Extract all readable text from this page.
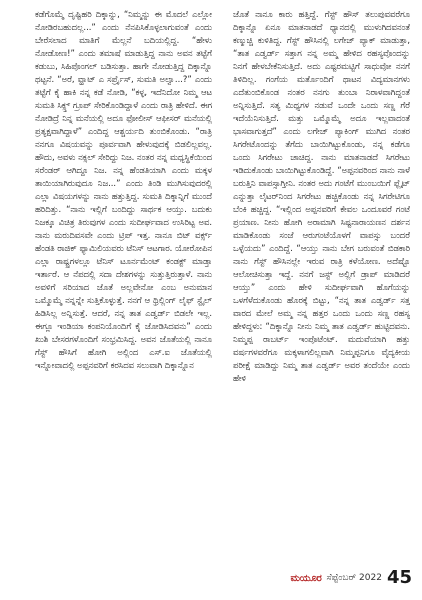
ಕಡೆಗೊಮ್ಮೆ ದೃಷ್ಟಿಹರಿ ದಿಕ್ಕಾನ್ನು, “ನಿಮ್ಮನ್ನು ಈ ಮೊದಲೆ ಎಲ್ಲೋ ನೋಡಿರಬಹುದಲ್ಲ...” ಎಂದು ನೆನಪಿಸಿಕೊಳ್ಳಲಾಗುವಂತೆ ಎಂದು ಬೇರೆಸಲಾದ ಮಾತಿಗೆ ಮೆಲ್ಲನೆ ಬದಿಯಲ್ಲಿದ್ದ. “ಹೇಳು ನೋಡೋಣ!” ಎಂದು ತಮಾಷೆ ಮಾಡುತ್ತಿದ್ದ ನಾನು ಅವನ ತಟ್ಟೆಗೆ ಕಡುಬು, ಸಿಹಿಪೊಂಗಲ್ ಬಡಿಸುತ್ತಾ. ಹಾಗೇ ನೋಡುತ್ತಿದ್ದ ದಿಕ್ಕಾನ್ನೊ ಥಟ್ಟನೆ. “ಅರೆ, ವ್ಹಾಟ್ ಎ ಸರ್ಪ್ರೈಸ್, ಸುಮತಿ ಅಲ್ವಾ...?” ಎಂದು ತಟ್ಟೆಗೆ ಕೈ ಹಾಕಿ ನನ್ನ ಕಡೆ ನೋಡಿ, “ಕಳ್ಳ, ಇದೆನಿದೋ ನಿಮ್ಮ ಆಟ ಸುಮತಿ ಸಿಕ್ಸ್ತ್ ಗ್ರೂಪ್ ಸೇರಿಕೊಂಡಿದ್ದಾಳೆ ಎಂದು ರಾತ್ರಿ ಹೇಳಿದೆ. ಈಗ ನೋಡಿದ್ರೆ ನಿನ್ನ ಮನೆಯಲ್ಲಿ ಅದೂ ಫೋಲೀಸ್ ಆಫೀಸರ್ ಮನೆಯಲ್ಲಿ ಪ್ರತ್ಯಕ್ಷವಾಗಿದ್ದಾಳೆ” ಎಂದಿದ್ದ ಆಶ್ಚರ್ಯದಿ ತುಂಬಿಕೊಂಡು. “ರಾತ್ರಿ ನನಗೂ ವಿಷಯವನ್ನು ಪೂರ್ವವಾಗಿ ಹೇಳುವುದಕ್ಕೆ ಬಿಡಲಿಲ್ಲವಲ್ಲ. ಹೌದು, ಅವಳು ನಕ್ಸಲ್ ಸೇರಿದ್ದು ನಿಜ. ನಂತರ ನನ್ನ ಮಧ್ಯಸ್ಥಿಕೆಯಿಂದ ಸರೆಂಡರ್ ಆಗಿದ್ದೂ ನಿಜ. ನನ್ನ ಹೆಂಡತಿಯಾಗಿ ಎಂದು ಮಕ್ಕಳ ತಾಯಿಯಾಗಿರುವುದೂ ನಿಜ...” ಎಂದು ತಿಂಡಿ ಮುಗಿಸುವುದರಲ್ಲಿ ಎಲ್ಲಾ ವಿಷಯಗಳನ್ನು ನಾನು ಹತ್ತುತ್ತಿದ್ದ. ಸುಮತಿ ದಿಕ್ಕಾನ್ನಿಗೆ ಮುಂದೆ ಹರಿದಿತ್ತು. “ನಾನು ಇಲ್ಲಿಗೆ ಬಂದಿದ್ದು ಸಾರ್ಥಕ ಆಯ್ತು. ಬದುಕು ನಿಜಕ್ಕೂ ವಿಚಿತ್ರ ತಿರುವುಗಳ ಎಂದು ಸುದೀರ್ಘವಾದ ಉಸಿರಿಟ್ಟ ಅವ. ನಾನು ಮರುದಿವಸವೇ ಎಂದು ಟ್ರಿಪ್ ಇತ್ತ. ನಾನೂ ಬಿಟ್ ವರ್ಕ್ಸ್ ಹೆಂಡತಿ ರಾಜಿಕ್ ಫ್ಯಾಮಿಲಿಯವರು ಟೆನಿಸ್ ಆಟಗಾರ. ಯೋರೋಪಿನ ಎಲ್ಲಾ ರಾಷ್ಟ್ರಗಳಲ್ಲೂ ಟೆನಿಸ್ ಟೂರ್ನಮೆಂಟ್ ಕಂಡಕ್ಟ್ ಮಾಡ್ತಾ ಇರ್ತಾರೆ. ಆ ನೆಪದಲ್ಲಿ ಸದಾ ದೇಶಗಳನ್ನು ಸುತ್ತುತ್ತಿರುತ್ತಾಳೆ. ನಾನು ಅವಳಿಗೆ ಸರಿಯಾದ ಜೊತೆ ಅಲ್ಲವೇನೋ ಎಂಬ ಅನುಮಾನ ಒಮ್ಮೊಮ್ಮೆ ನನ್ನನ್ನೇ ಸುತ್ತಿಕೊಳ್ಳುತ್ತೆ. ನನಗೆ ಆ ಥ್ರಿಲ್ಲಿಂಗ್ ಲೈಫ್ ಸ್ಟೈಲ್ ಹಿಡಿಸಿಲ್ಲ ಅನ್ನಿಸುತ್ತೆ. ಆದರೆ, ನನ್ನ ತಾತ ಎಡ್ವರ್ಡ್ ಬಿಡಲೇ ಇಲ್ಲ. ಈಗ್ಲೂ ಇಂಡಿಯಾ ಕಂಪನಿಯೊಂದಿಗೆ ಕೈ ಜೋಡಿಸಿದವನು” ಎಂದು ಖುಶಿ ಬೇಸರಗಳೊಂದಿಗೆ ಸಂಭ್ರಮಿಸಿದ್ದ. ಅವನ ಜೊತೆಯಲ್ಲಿ ನಾನೂ ಗೆಸ್ಟ್ ಹೌಸಿಗೆ ಹೋಗಿ ಅಲ್ಲಿಂದ ಎಸ್.ಐ ಜೊತೆಯಲ್ಲಿ ಇನ್ನೋವಾದಲ್ಲಿ ಅಪ್ಪನವರಿಗೆ ಕರಸಿದವ ಸಲುವಾಗಿ ದಿಕ್ಕಾನ್ನೊನ

ಜೊತೆ ನಾನೂ ಕಾರು ಹತ್ತಿದ್ದೆ. ಗೆಸ್ಟ್ ಹೌಸ್ ತಲುಪುವವರೆಗೂ ದಿಕ್ಕಾನ್ನೊ ಏನೂ ಮಾತನಾಡದೆ ಧ್ಯಾನದಲ್ಲಿ ಮುಳುಗಿದವನಂತೆ ಕಣ್ಮುಚ್ಚಿ ಕುಳಿತಿದ್ದ. ಗೆಸ್ಟ್ ಹೌಸಿನಲ್ಲಿ ಲಗೇಜ್ ಪ್ಯಾಕ್ ಮಾಡುತ್ತಾ, “ತಾತ ಎಡ್ವರ್ಡ್ ಸತ್ತಾಗ ನನ್ನ ಅಮ್ಮ ಹೇಳಿದ ರಹಸ್ಯವೊಂದನ್ನು ನಿನಗೆ ಹೇಳಬೇಕೆನಿಸುತ್ತಿದೆ. ಅದು ಎಷ್ಟರಮಟ್ಟಿಗೆ ಸಾಧುವೋ ನನಗೆ ತಿಳಿದಿಲ್ಲ. ಗಂಗೆಯ ಮರ್ತೊಂದಿಗೆ ಥಾಟನ ವಿದ್ಯಮಾನಗಳು ಎದೆತುಂಬಿಕೊಂಡ ನಂತರ ನನಗು ತುಂಬಾ ನಿರಾಳವಾಗಿದ್ದಂತೆ ಅನ್ನಿಸುತ್ತಿದೆ. ಸತ್ಯ ಮಿಥ್ಯಗಳ ನಡುವೆ ಒಂದೇ ಒಂದು ಸಣ್ಣ ಗೆರೆ ಇದೆಯೆನಿಸುತ್ತಿದೆ. ಮತ್ತು ಒಮ್ಮೊಮ್ಮೆ ಅದೂ ಇಲ್ಲವಾದಂತೆ ಭಾಸವಾಗುತ್ತದೆ” ಎಂದು ಲಗೇಜ್ ಪ್ಯಾಕಿಂಗ್ ಮುಗಿದ ನಂತರ ಸಿಗರೇಟೊಂದನ್ನು ತೆಗೆದು ಬಾಯಿಗಿಟ್ಟುಕೊಂಡು, ನನ್ನ ಕಡೆಗೂ ಒಂದು ಸಿಗರೇಟು ಚಾಚಿದ್ದ. ನಾನು ಮಾತನಾಡದೆ ಸಿಗರೇಟು ಇಡಿದುಕೊಂಡು ಬಾಯಿಗಿಟ್ಟುಕೊಂಡಿದ್ದೆ. “ಅಪ್ಪನವರಿಂದ ನಾನು ನಾಳೆ ಬರುತ್ತಿನಿ ವಾಪಸ್ಸಾಗ್ತೀನಿ. ನಂತರ ಅದು ಗಂಟೆಗೆ ಮುಂಬಯಿಗೆ ಫ್ಲೈಟ್ ಎನ್ನುತ್ತಾ ಲೈಟರ್‌ನಿಂದ ಸಿಗರೇಟು ಹಚ್ಚಿಕೊಂಡು ನನ್ನ ಸಿಗರೇಟಿಗೂ ಬೆಂಕಿ ಹಚ್ಚಿದ್ದ. “ಇಲ್ಲಿಂದ ಅಪ್ಪನವರಿಗೆ ಕೇವಲ ಒಂದೂವರೆ ಗಂಟೆ ಪ್ರಯಾಣ. ನೀನು ಹೋಗಿ ಅರಾಮಾಗಿ ಸಿಷ್ಟನಾರಾಯಣನ ದರ್ಶನ ಮಾಡಿಕೊಂಡು ಸಂಜೆ ಆರುಗಂಟೆಯೊಳಗೆ ವಾಪಸ್ಸು ಬಂದರೆ ಒಳ್ಳೆಯದು” ಎಂದಿದ್ದೆ. “ಆಯ್ತು ನಾನು ಬೇಗ ಬರುವಂತೆ ಬಿಡಕಾರಿ ನಾನು ಗೆಸ್ಟ್ ಹೌಸಿನಲ್ಲೇ ಇರುವ ರಾತ್ರಿ ಕಳೆಯೋಣ. ಅದೆಷ್ಟೊ ಆಲೋಚಿಸುತ್ತಾ ಇದ್ದೆ. ನನಗೆ ಜಸ್ಟ್ ಅಲ್ಲಿಗೆ ಡ್ರಾಪ್ ಮಾಡಿದರೆ ಆಯ್ತು” ಎಂದು ಹೇಳಿ ಸುದೀರ್ಘವಾಗಿ ಹೊಗೆಯನ್ನು ಒಳಗೆಳೆದುಕೊಂಡು ಹೊರಕ್ಕೆ ಬಿಟ್ಟು, “ನನ್ನ ತಾತ ಎಡ್ವರ್ಡ್ ಸತ್ತ ವಾರದ ಮೇಲೆ ಅಮ್ಮ ನನ್ನ ಹತ್ತರ ಒಂದು ಒಂದು ಸಣ್ಣ ರಹಸ್ಯ ಹೇಳಿದ್ದಳು: “ದಿಕ್ಕಾನ್ನೊ ನೀನು ನಿಮ್ಮ ತಾತ ಎಡ್ವರ್ಡ್ ಹುಟ್ಟಿದವನು. ನಿಮ್ಮಪ್ಪ ರಾಬರ್ಟ್ ಇಂಪೊಟೆಂಟ್. ಮದುವೆಯಾಗಿ ಹತ್ತು ವರ್ಷಗಳವರೆಗೂ ಮಕ್ಕಳಾಗಲಿಲ್ಲವಾಗಿ ನಿಮ್ಮಪ್ಪನಿಗೂ ವೈದ್ಯಕೀಯ ಪರೀಕ್ಷೆ ಮಾಡಿದ್ದು ನಿಮ್ಮ ತಾತ ಎಡ್ವರ್ಡ್ ಅವರ ತಂದೆಯೇ ಎಂದು ಹೇಳಿ

ಮಯೂರ ಸೆಪ್ಟೆಂಬರ್ 2022 45
